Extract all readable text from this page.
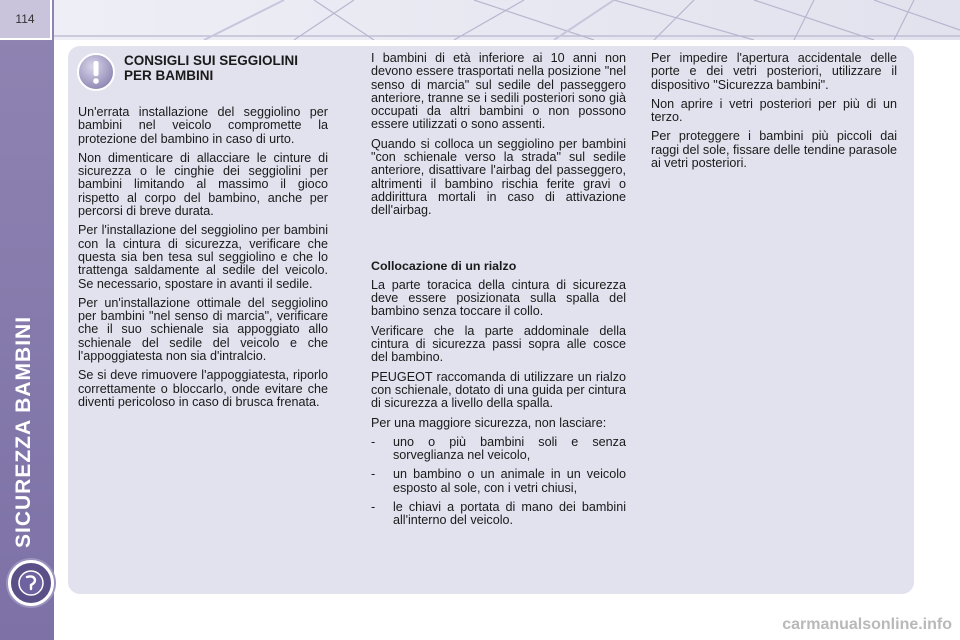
114
SICUREZZA BAMBINI
CONSIGLI SUI SEGGIOLINI PER BAMBINI

Un'errata installazione del seggiolino per bambini nel veicolo compromette la protezione del bambino in caso di urto.

Non dimenticare di allacciare le cinture di sicurezza o le cinghie dei seggiolini per bambini limitando al massimo il gioco rispetto al corpo del bambino, anche per percorsi di breve durata.

Per l'installazione del seggiolino per bambini con la cintura di sicurezza, verificare che questa sia ben tesa sul seggiolino e che lo trattenga saldamente al sedile del veicolo. Se necessario, spostare in avanti il sedile.

Per un'installazione ottimale del seggiolino per bambini "nel senso di marcia", verificare che il suo schienale sia appoggiato allo schienale del sedile del veicolo e che l'appoggiatesta non sia d'intralcio.

Se si deve rimuovere l'appoggiatesta, riporlo correttamente o bloccarlo, onde evitare che diventi pericoloso in caso di brusca frenata.

I bambini di età inferiore ai 10 anni non devono essere trasportati nella posizione "nel senso di marcia" sul sedile del passeggero anteriore, tranne se i sedili posteriori sono già occupati da altri bambini o non possono essere utilizzati o sono assenti.

Quando si colloca un seggiolino per bambini "con schienale verso la strada" sul sedile anteriore, disattivare l'airbag del passeggero, altrimenti il bambino rischia ferite gravi o addirittura mortali in caso di attivazione dell'airbag.

Collocazione di un rialzo

La parte toracica della cintura di sicurezza deve essere posizionata sulla spalla del bambino senza toccare il collo.

Verificare che la parte addominale della cintura di sicurezza passi sopra alle cosce del bambino.

PEUGEOT raccomanda di utilizzare un rialzo con schienale, dotato di una guida per cintura di sicurezza a livello della spalla.

Per una maggiore sicurezza, non lasciare:

-	uno o più bambini soli e senza sorveglianza nel veicolo,
-	un bambino o un animale in un veicolo esposto al sole, con i vetri chiusi,
-	le chiavi a portata di mano dei bambini all'interno del veicolo.

Per impedire l'apertura accidentale delle porte e dei vetri posteriori, utilizzare il dispositivo "Sicurezza bambini".

Non aprire i vetri posteriori per più di un terzo.

Per proteggere i bambini più piccoli dai raggi del sole, fissare delle tendine parasole ai vetri posteriori.

carmanualsonline.info
